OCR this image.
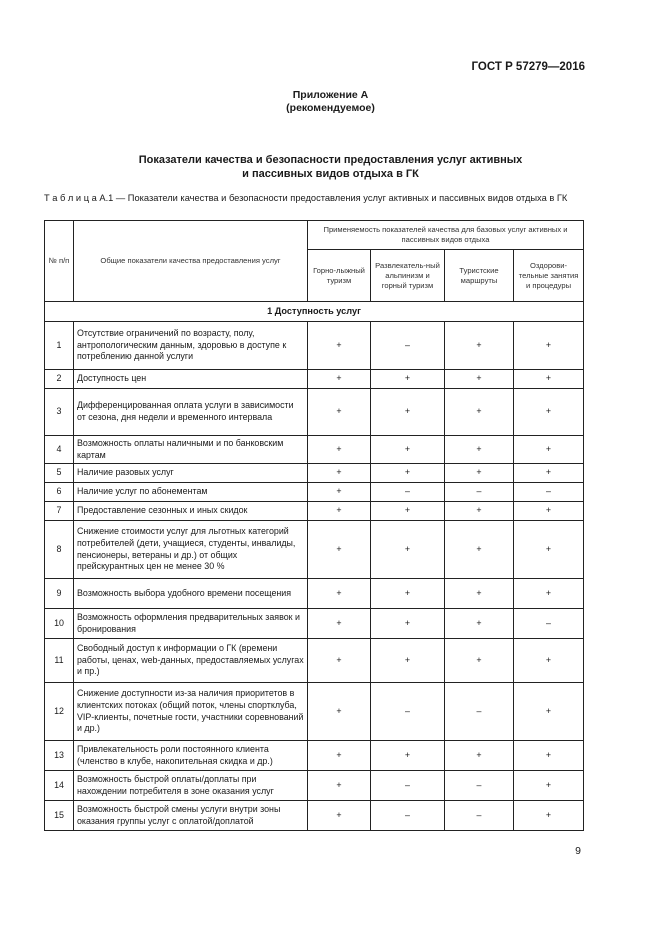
ГОСТ Р 57279—2016
Приложение А
(рекомендуемое)
Показатели качества и безопасности предоставления услуг активных
и пассивных видов отдыха в ГК
Т а б л и ц а А.1 — Показатели качества и безопасности предоставления услуг активных и пассивных видов отдыха в ГК
№ п/п	Общие показатели качества предоставления услуг	Применяемость показателей качества для базовых услуг активных и пассивных видов отдыха			
		Горно-лыжный туризм	Развлекатель-ный альпинизм и горный туризм	Туристские маршруты	Оздорови-тельные занятия и процедуры
1 Доступность услуг					
1	Отсутствие ограничений по возрасту, полу, антропологическим данным, здоровью в доступе к потреблению данной услуги	+	–	+	+
2	Доступность цен	+	+	+	+
3	Дифференцированная оплата услуги в зависимости от сезона, дня недели и временного интервала	+	+	+	+
4	Возможность оплаты наличными и по банковским картам	+	+	+	+
5	Наличие разовых услуг	+	+	+	+
6	Наличие услуг по абонементам	+	–	–	–
7	Предоставление сезонных и иных скидок	+	+	+	+
8	Снижение стоимости услуг для льготных категорий потребителей (дети, учащиеся, студенты, инвалиды, пенсионеры, ветераны и др.) от общих прейскурантных цен не менее 30 %	+	+	+	+
9	Возможность выбора удобного времени посещения	+	+	+	+
10	Возможность оформления предварительных заявок и бронирования	+	+	+	–
11	Свободный доступ к информации о ГК (времени работы, ценах, web-данных, предоставляемых услугах и пр.)	+	+	+	+
12	Снижение доступности из-за наличия приоритетов в клиентских потоках (общий поток, члены спортклуба, VIP-клиенты, почетные гости, участники соревнований и др.)	+	–	–	+
13	Привлекательность роли постоянного клиента (членство в клубе, накопительная скидка и др.)	+	+	+	+
14	Возможность быстрой оплаты/доплаты при нахождении потребителя в зоне оказания услуг	+	–	–	+
15	Возможность быстрой смены услуги внутри зоны оказания группы услуг с оплатой/доплатой	+	–	–	+
9
